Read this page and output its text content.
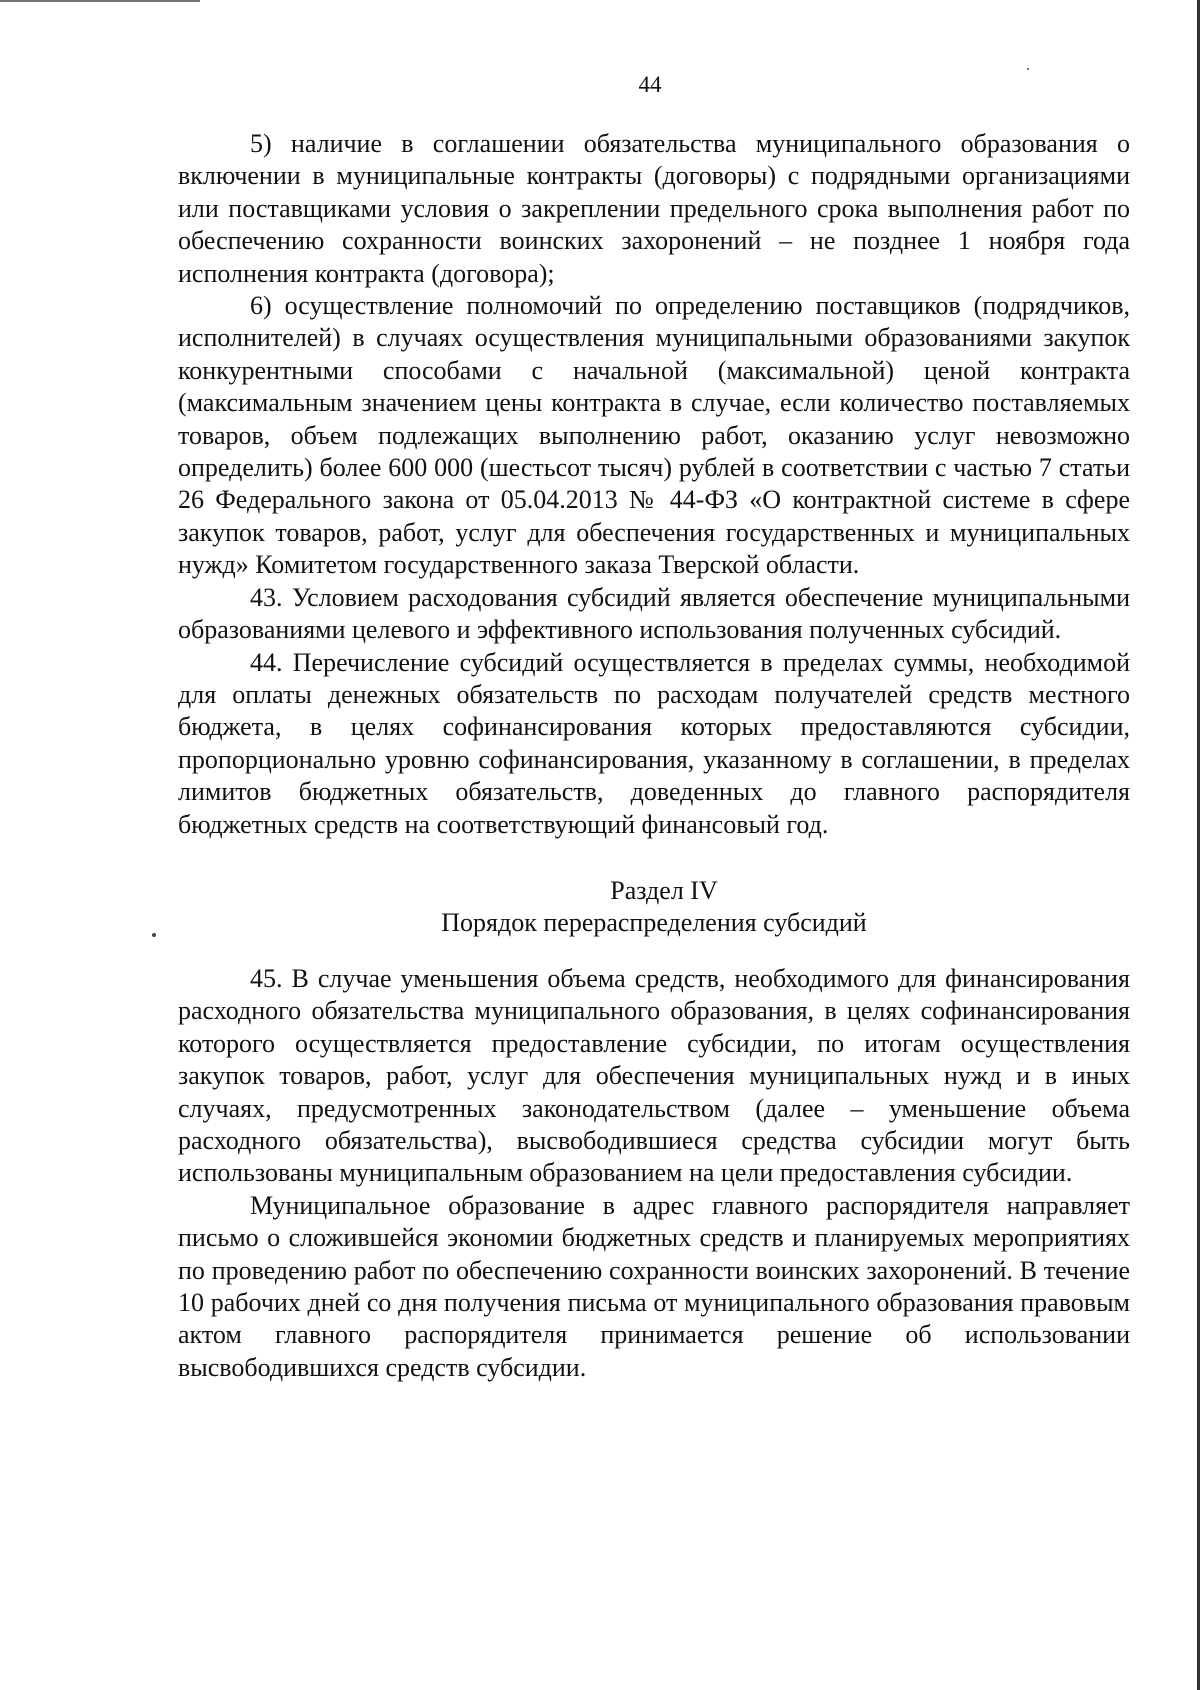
44

5) наличие в соглашении обязательства муниципального образования о включении в муниципальные контракты (договоры) с подрядными организациями или поставщиками условия о закреплении предельного срока выполнения работ по обеспечению сохранности воинских захоронений – не позднее 1 ноября года исполнения контракта (договора);

6) осуществление полномочий по определению поставщиков (подрядчиков, исполнителей) в случаях осуществления муниципальными образованиями закупок конкурентными способами с начальной (максимальной) ценой контракта (максимальным значением цены контракта в случае, если количество поставляемых товаров, объем подлежащих выполнению работ, оказанию услуг невозможно определить) более 600 000 (шестьсот тысяч) рублей в соответствии с частью 7 статьи 26 Федерального закона от 05.04.2013 № 44-ФЗ «О контрактной системе в сфере закупок товаров, работ, услуг для обеспечения государственных и муниципальных нужд» Комитетом государственного заказа Тверской области.

43. Условием расходования субсидий является обеспечение муниципальными образованиями целевого и эффективного использования полученных субсидий.

44. Перечисление субсидий осуществляется в пределах суммы, необходимой для оплаты денежных обязательств по расходам получателей средств местного бюджета, в целях софинансирования которых предоставляются субсидии, пропорционально уровню софинансирования, указанному в соглашении, в пределах лимитов бюджетных обязательств, доведенных до главного распорядителя бюджетных средств на соответствующий финансовый год.

Раздел IV
Порядок перераспределения субсидий

45. В случае уменьшения объема средств, необходимого для финансирования расходного обязательства муниципального образования, в целях софинансирования которого осуществляется предоставление субсидии, по итогам осуществления закупок товаров, работ, услуг для обеспечения муниципальных нужд и в иных случаях, предусмотренных законодательством (далее – уменьшение объема расходного обязательства), высвободившиеся средства субсидии могут быть использованы муниципальным образованием на цели предоставления субсидии.

Муниципальное образование в адрес главного распорядителя направляет письмо о сложившейся экономии бюджетных средств и планируемых мероприятиях по проведению работ по обеспечению сохранности воинских захоронений. В течение 10 рабочих дней со дня получения письма от муниципального образования правовым актом главного распорядителя принимается решение об использовании высвободившихся средств субсидии.
